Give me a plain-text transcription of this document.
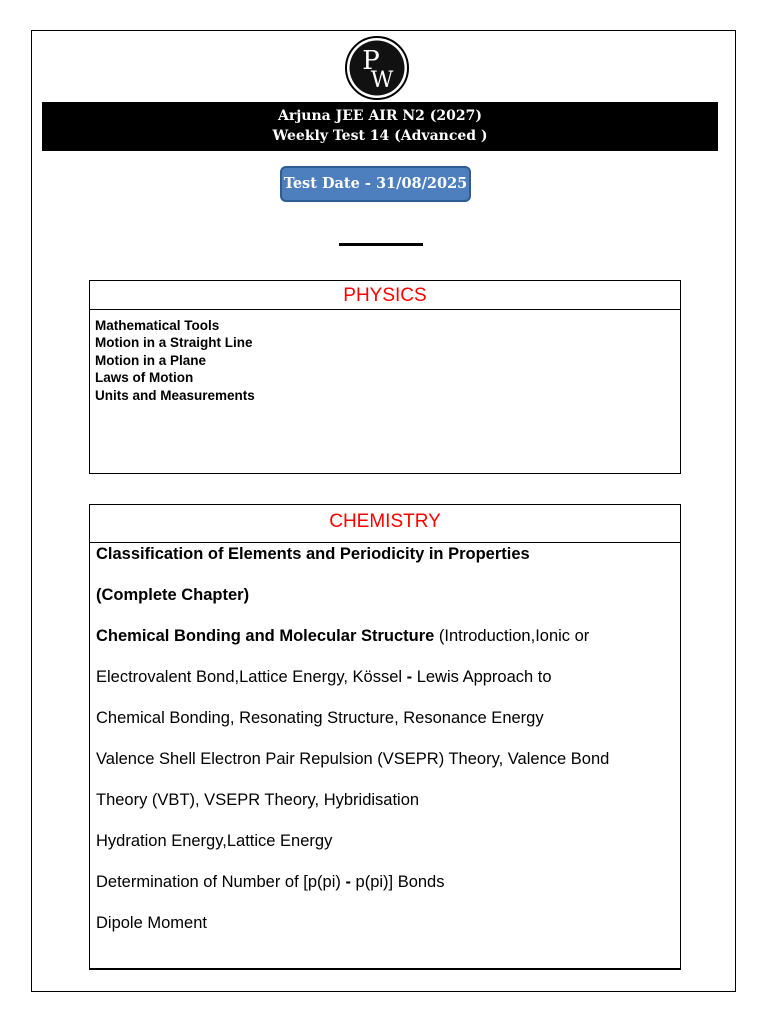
P
W
Arjuna JEE AIR N2 (2027)
Weekly Test 14 (Advanced )
Test Date - 31/08/2025
PHYSICS
Mathematical Tools
Motion in a Straight Line
Motion in a Plane
Laws of Motion
Units and Measurements
CHEMISTRY
Classification of Elements and Periodicity in Properties
(Complete Chapter)
Chemical Bonding and Molecular Structure (Introduction,Ionic or
Electrovalent Bond,Lattice Energy, Kössel - Lewis Approach to
Chemical Bonding, Resonating Structure, Resonance Energy
Valence Shell Electron Pair Repulsion (VSEPR) Theory, Valence Bond
Theory (VBT), VSEPR Theory, Hybridisation
Hydration Energy,Lattice Energy
Determination of Number of [p(pi) - p(pi)] Bonds
Dipole Moment
